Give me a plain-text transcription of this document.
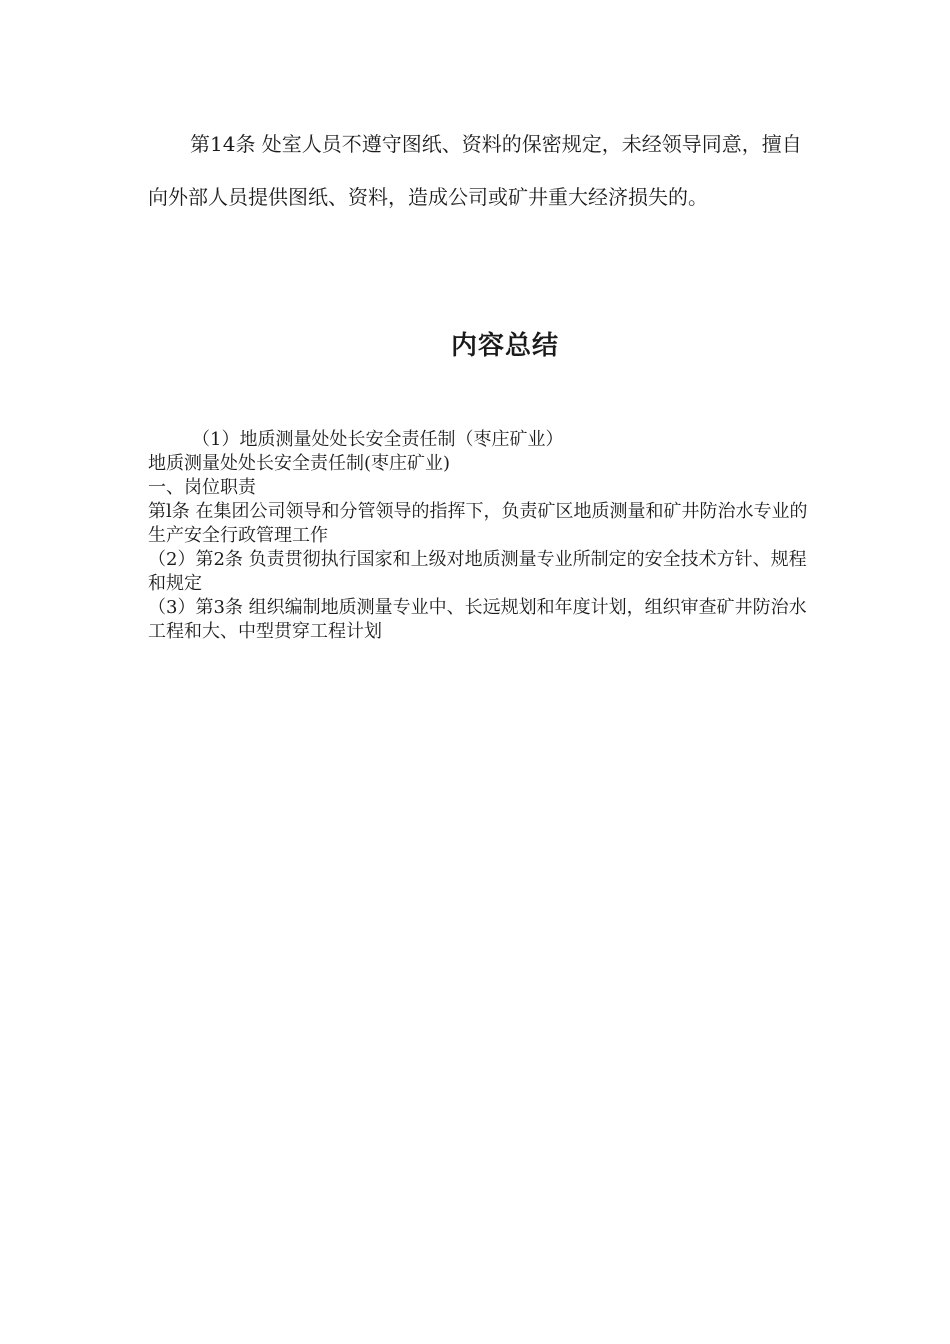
第14条 处室人员不遵守图纸、资料的保密规定，未经领导同意，擅自向外部人员提供图纸、资料，造成公司或矿井重大经济损失的。

内容总结

（1）地质测量处处长安全责任制（枣庄矿业）

地质测量处处长安全责任制(枣庄矿业)

一、岗位职责

第l条 在集团公司领导和分管领导的指挥下，负责矿区地质测量和矿井防治水专业的生产安全行政管理工作

（2）第2条 负责贯彻执行国家和上级对地质测量专业所制定的安全技术方针、规程和规定

（3）第3条 组织编制地质测量专业中、长远规划和年度计划，组织审查矿井防治水工程和大、中型贯穿工程计划
